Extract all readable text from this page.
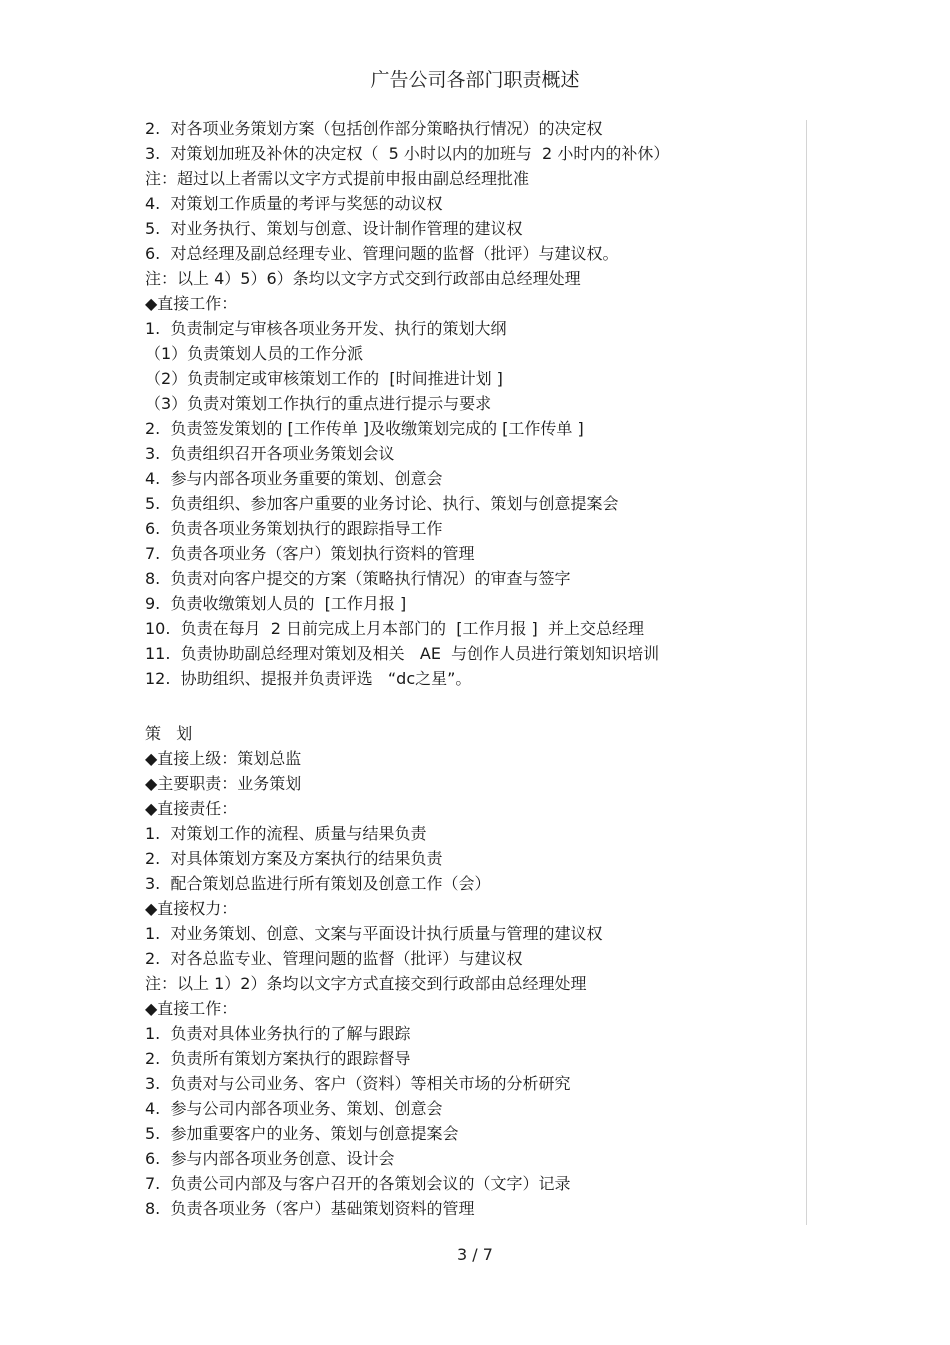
广告公司各部门职责概述
2.  对各项业务策划方案（包括创作部分策略执行情况）的决定权
3.  对策划加班及补休的决定权（  5 小时以内的加班与  2 小时内的补休）
注：超过以上者需以文字方式提前申报由副总经理批准
4.  对策划工作质量的考评与奖惩的动议权
5.  对业务执行、策划与创意、设计制作管理的建议权
6.  对总经理及副总经理专业、管理问题的监督（批评）与建议权。
注：以上 4）5）6）条均以文字方式交到行政部由总经理处理
◆直接工作：
1.  负责制定与审核各项业务开发、执行的策划大纲
（1）负责策划人员的工作分派
（2）负责制定或审核策划工作的  [时间推进计划 ]
（3）负责对策划工作执行的重点进行提示与要求
2.  负责签发策划的 [工作传单 ]及收缴策划完成的 [工作传单 ]
3.  负责组织召开各项业务策划会议
4.  参与内部各项业务重要的策划、创意会
5.  负责组织、参加客户重要的业务讨论、执行、策划与创意提案会
6.  负责各项业务策划执行的跟踪指导工作
7.  负责各项业务（客户）策划执行资料的管理
8.  负责对向客户提交的方案（策略执行情况）的审查与签字
9.  负责收缴策划人员的  [工作月报 ]
10.  负责在每月  2 日前完成上月本部门的  [工作月报 ]  并上交总经理
11.  负责协助副总经理对策划及相关   AE  与创作人员进行策划知识培训
12.  协助组织、提报并负责评选   “dc之星”。
策   划
◆直接上级：策划总监
◆主要职责：业务策划
◆直接责任：
1.  对策划工作的流程、质量与结果负责
2.  对具体策划方案及方案执行的结果负责
3.  配合策划总监进行所有策划及创意工作（会）
◆直接权力：
1.  对业务策划、创意、文案与平面设计执行质量与管理的建议权
2.  对各总监专业、管理问题的监督（批评）与建议权
注：以上 1）2）条均以文字方式直接交到行政部由总经理处理
◆直接工作：
1.  负责对具体业务执行的了解与跟踪
2.  负责所有策划方案执行的跟踪督导
3.  负责对与公司业务、客户（资料）等相关市场的分析研究
4.  参与公司内部各项业务、策划、创意会
5.  参加重要客户的业务、策划与创意提案会
6.  参与内部各项业务创意、设计会
7.  负责公司内部及与客户召开的各策划会议的（文字）记录
8.  负责各项业务（客户）基础策划资料的管理
3 / 7
